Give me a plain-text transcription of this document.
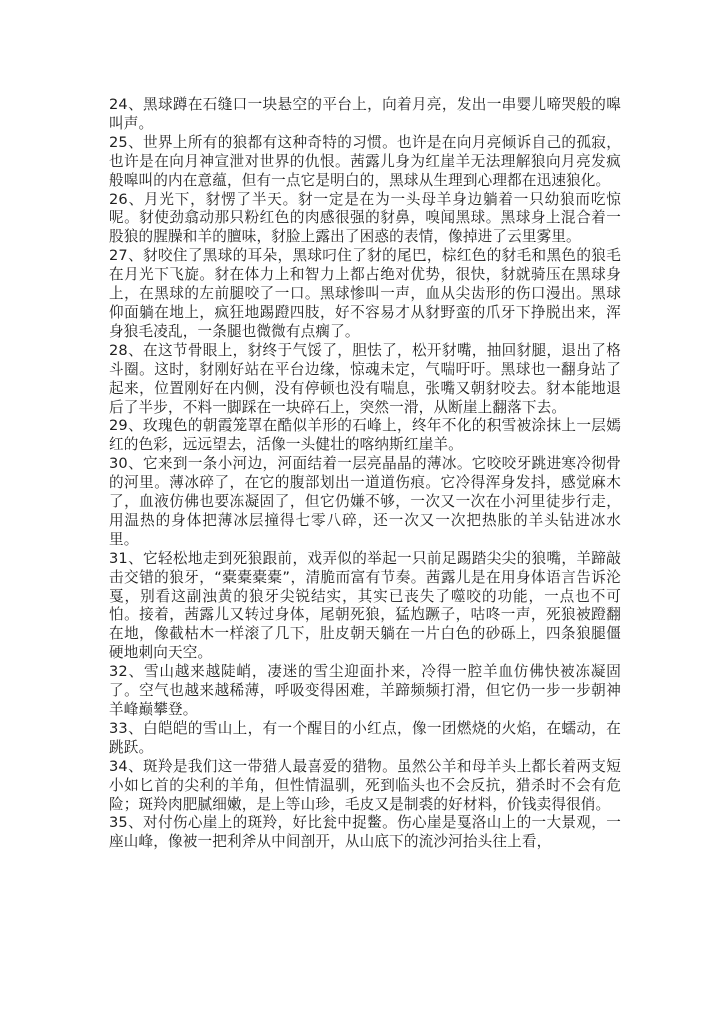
24、黑球蹲在石缝口一块悬空的平台上，向着月亮，发出一串婴儿啼哭般的嗥叫声。

25、世界上所有的狼都有这种奇特的习惯。也许是在向月亮倾诉自己的孤寂，也许是在向月神宣泄对世界的仇恨。茜露儿身为红崖羊无法理解狼向月亮发疯般嗥叫的内在意蕴，但有一点它是明白的，黑球从生理到心理都在迅速狼化。

26、月光下，豺愣了半天。豺一定是在为一头母羊身边躺着一只幼狼而吃惊呢。豺使劲翕动那只粉红色的肉感很强的豺鼻，嗅闻黑球。黑球身上混合着一股狼的腥臊和羊的膻味，豺脸上露出了困惑的表情，像掉进了云里雾里。

27、豺咬住了黑球的耳朵，黑球叼住了豺的尾巴，棕红色的豺毛和黑色的狼毛在月光下飞旋。豺在体力上和智力上都占绝对优势，很快，豺就骑压在黑球身上，在黑球的左前腿咬了一口。黑球惨叫一声，血从尖齿形的伤口漫出。黑球仰面躺在地上，疯狂地踢蹬四肢，好不容易才从豺野蛮的爪牙下挣脱出来，浑身狼毛凌乱，一条腿也微微有点瘸了。

28、在这节骨眼上，豺终于气馁了，胆怯了，松开豺嘴，抽回豺腿，退出了格斗圈。这时，豺刚好站在平台边缘，惊魂未定，气喘吁吁。黑球也一翻身站了起来，位置刚好在内侧，没有停顿也没有喘息，张嘴又朝豺咬去。豺本能地退后了半步，不料一脚踩在一块碎石上，突然一滑，从断崖上翻落下去。

29、玫瑰色的朝霞笼罩在酷似羊形的石峰上，终年不化的积雪被涂抹上一层嫣红的色彩，远远望去，活像一头健壮的喀纳斯红崖羊。

30、它来到一条小河边，河面结着一层亮晶晶的薄冰。它咬咬牙跳进寒冷彻骨的河里。薄冰碎了，在它的腹部划出一道道伤痕。它冷得浑身发抖，感觉麻木了，血液仿佛也要冻凝固了，但它仍嫌不够，一次又一次在小河里徒步行走，用温热的身体把薄冰层撞得七零八碎，还一次又一次把热胀的羊头钻进冰水里。

31、它轻松地走到死狼跟前，戏弄似的举起一只前足踢踏尖尖的狼嘴，羊蹄敲击交错的狼牙，“橐橐橐橐”，清脆而富有节奏。茜露儿是在用身体语言告诉沦戛，别看这副浊黄的狼牙尖锐结实，其实已丧失了噬咬的功能，一点也不可怕。接着，茜露儿又转过身体，尾朝死狼，猛尥蹶子，咕咚一声，死狼被蹬翻在地，像截枯木一样滚了几下，肚皮朝天躺在一片白色的砂砾上，四条狼腿僵硬地刺向天空。

32、雪山越来越陡峭，凄迷的雪尘迎面扑来，冷得一腔羊血仿佛快被冻凝固了。空气也越来越稀薄，呼吸变得困难，羊蹄频频打滑，但它仍一步一步朝神羊峰巅攀登。

33、白皑皑的雪山上，有一个醒目的小红点，像一团燃烧的火焰，在蠕动，在跳跃。

34、斑羚是我们这一带猎人最喜爱的猎物。虽然公羊和母羊头上都长着两支短小如匕首的尖利的羊角，但性情温驯，死到临头也不会反抗，猎杀时不会有危险；斑羚肉肥腻细嫩，是上等山珍，毛皮又是制裘的好材料，价钱卖得很俏。

35、对付伤心崖上的斑羚，好比瓮中捉鳖。伤心崖是戛洛山上的一大景观，一座山峰，像被一把利斧从中间剖开，从山底下的流沙河抬头往上看，
